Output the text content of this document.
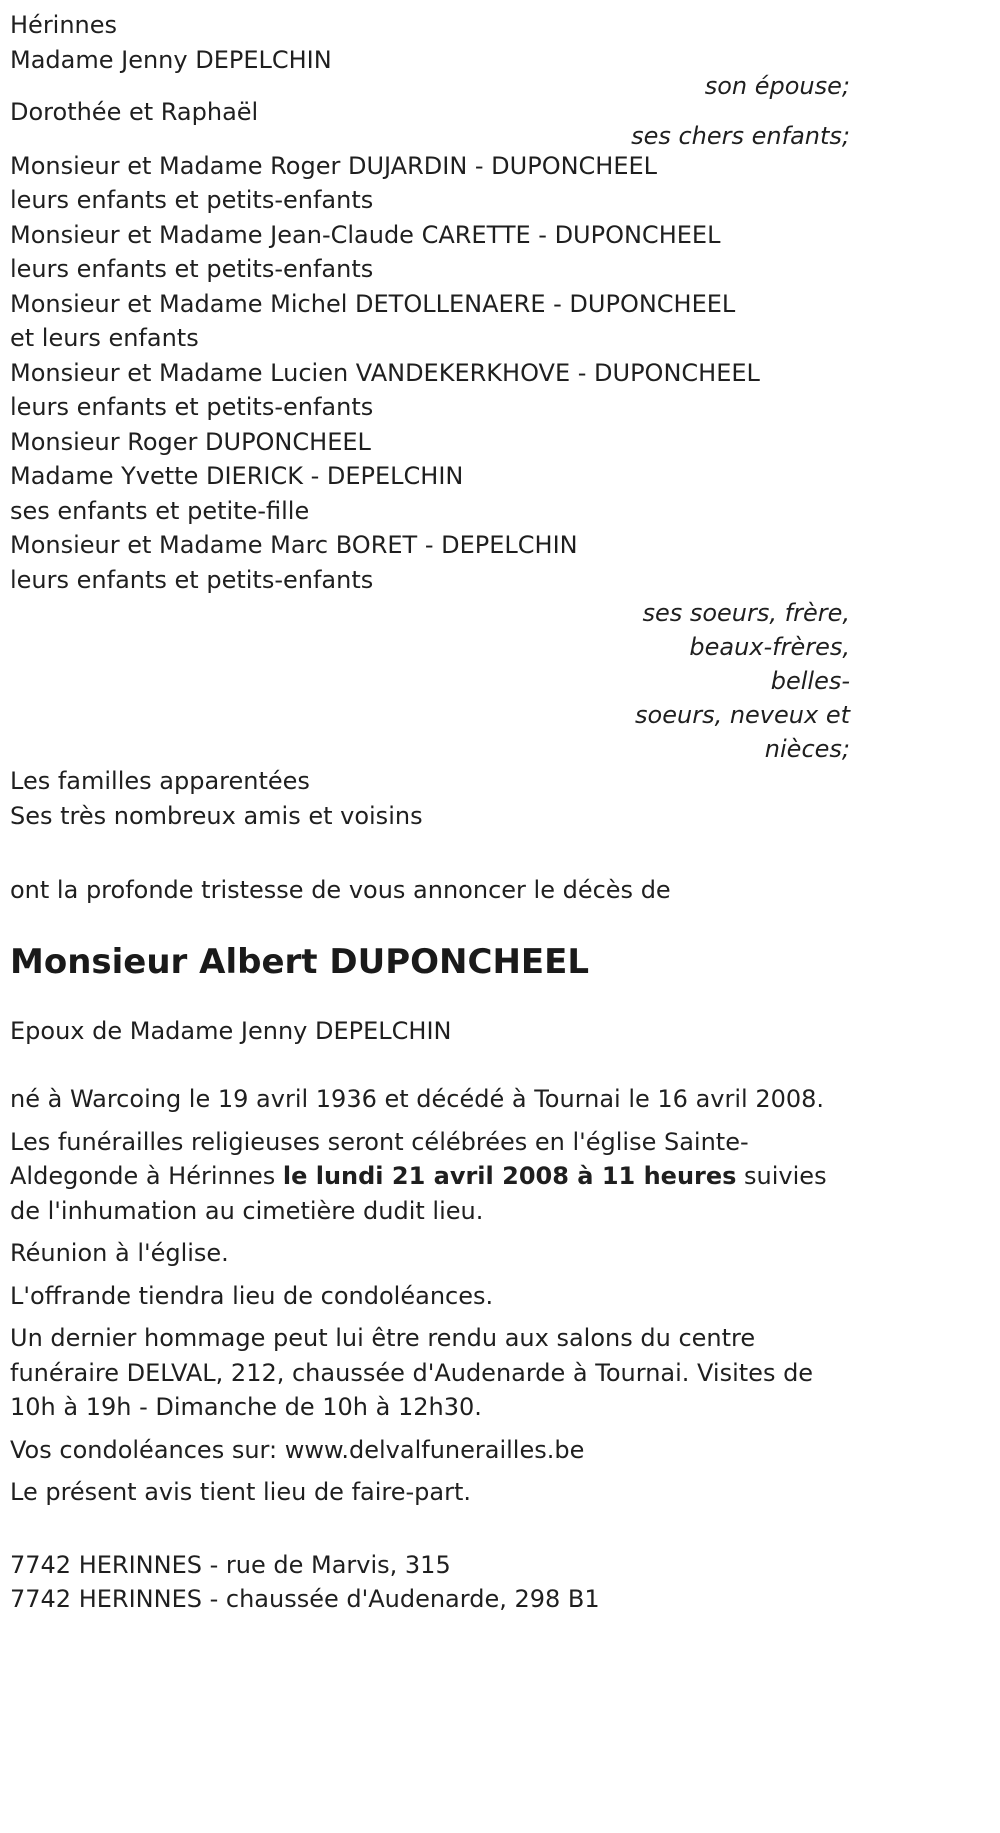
Hérinnes

Madame Jenny DEPELCHIN

son épouse;

Dorothée et Raphaël

ses chers enfants;

Monsieur et Madame Roger DUJARDIN - DUPONCHEEL

leurs enfants et petits-enfants

Monsieur et Madame Jean-Claude CARETTE - DUPONCHEEL

leurs enfants et petits-enfants

Monsieur et Madame Michel DETOLLENAERE - DUPONCHEEL

et leurs enfants

Monsieur et Madame Lucien VANDEKERKHOVE - DUPONCHEEL

leurs enfants et petits-enfants

Monsieur Roger DUPONCHEEL

Madame Yvette DIERICK - DEPELCHIN

ses enfants et petite-fille

Monsieur et Madame Marc BORET - DEPELCHIN

leurs enfants et petits-enfants

ses soeurs, frère,

beaux-frères, belles-

soeurs, neveux et

nièces;

Les familles apparentées

Ses très nombreux amis et voisins

ont la profonde tristesse de vous annoncer le décès de

Monsieur Albert DUPONCHEEL

Epoux de Madame Jenny DEPELCHIN

né à Warcoing le 19 avril 1936 et décédé à Tournai le 16 avril 2008.

Les funérailles religieuses seront célébrées en l'église Sainte-Aldegonde à Hérinnes le lundi 21 avril 2008 à 11 heures suivies de l'inhumation au cimetière dudit lieu.

Réunion à l'église.

L'offrande tiendra lieu de condoléances.

Un dernier hommage peut lui être rendu aux salons du centre funéraire DELVAL, 212, chaussée d'Audenarde à Tournai. Visites de 10h à 19h - Dimanche de 10h à 12h30.

Vos condoléances sur: www.delvalfunerailles.be

Le présent avis tient lieu de faire-part.

7742 HERINNES - rue de Marvis, 315

7742 HERINNES - chaussée d'Audenarde, 298 B1
